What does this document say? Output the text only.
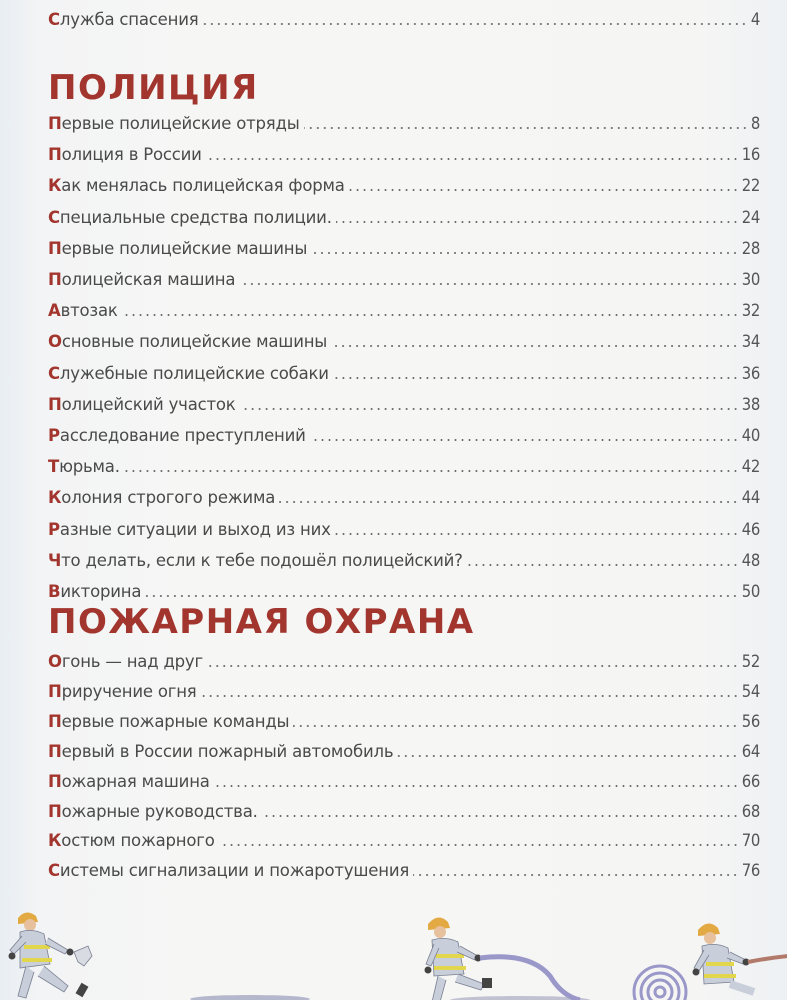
Служба спасения	4
ПОЛИЦИЯ
Первые полицейские отряды	8
Полиция в России	16
Как менялась полицейская форма	22
Специальные средства полиции.	24
Первые полицейские машины	28
Полицейская машина	30
Автозак	32
Основные полицейские машины	34
Служебные полицейские собаки	36
Полицейский участок	38
Расследование преступлений	40
Тюрьма.	42
Колония строгого режима	44
Разные ситуации и выход из них	46
Что делать, если к тебе подошёл полицейский?	48
Викторина	50
ПОЖАРНАЯ ОХРАНА
Огонь — над друг	52
Приручение огня	54
Первые пожарные команды	56
Первый в России пожарный автомобиль	64
Пожарная машина	66
Пожарные руководства.	68
Костюм пожарного	70
Системы сигнализации и пожаротушения	76
